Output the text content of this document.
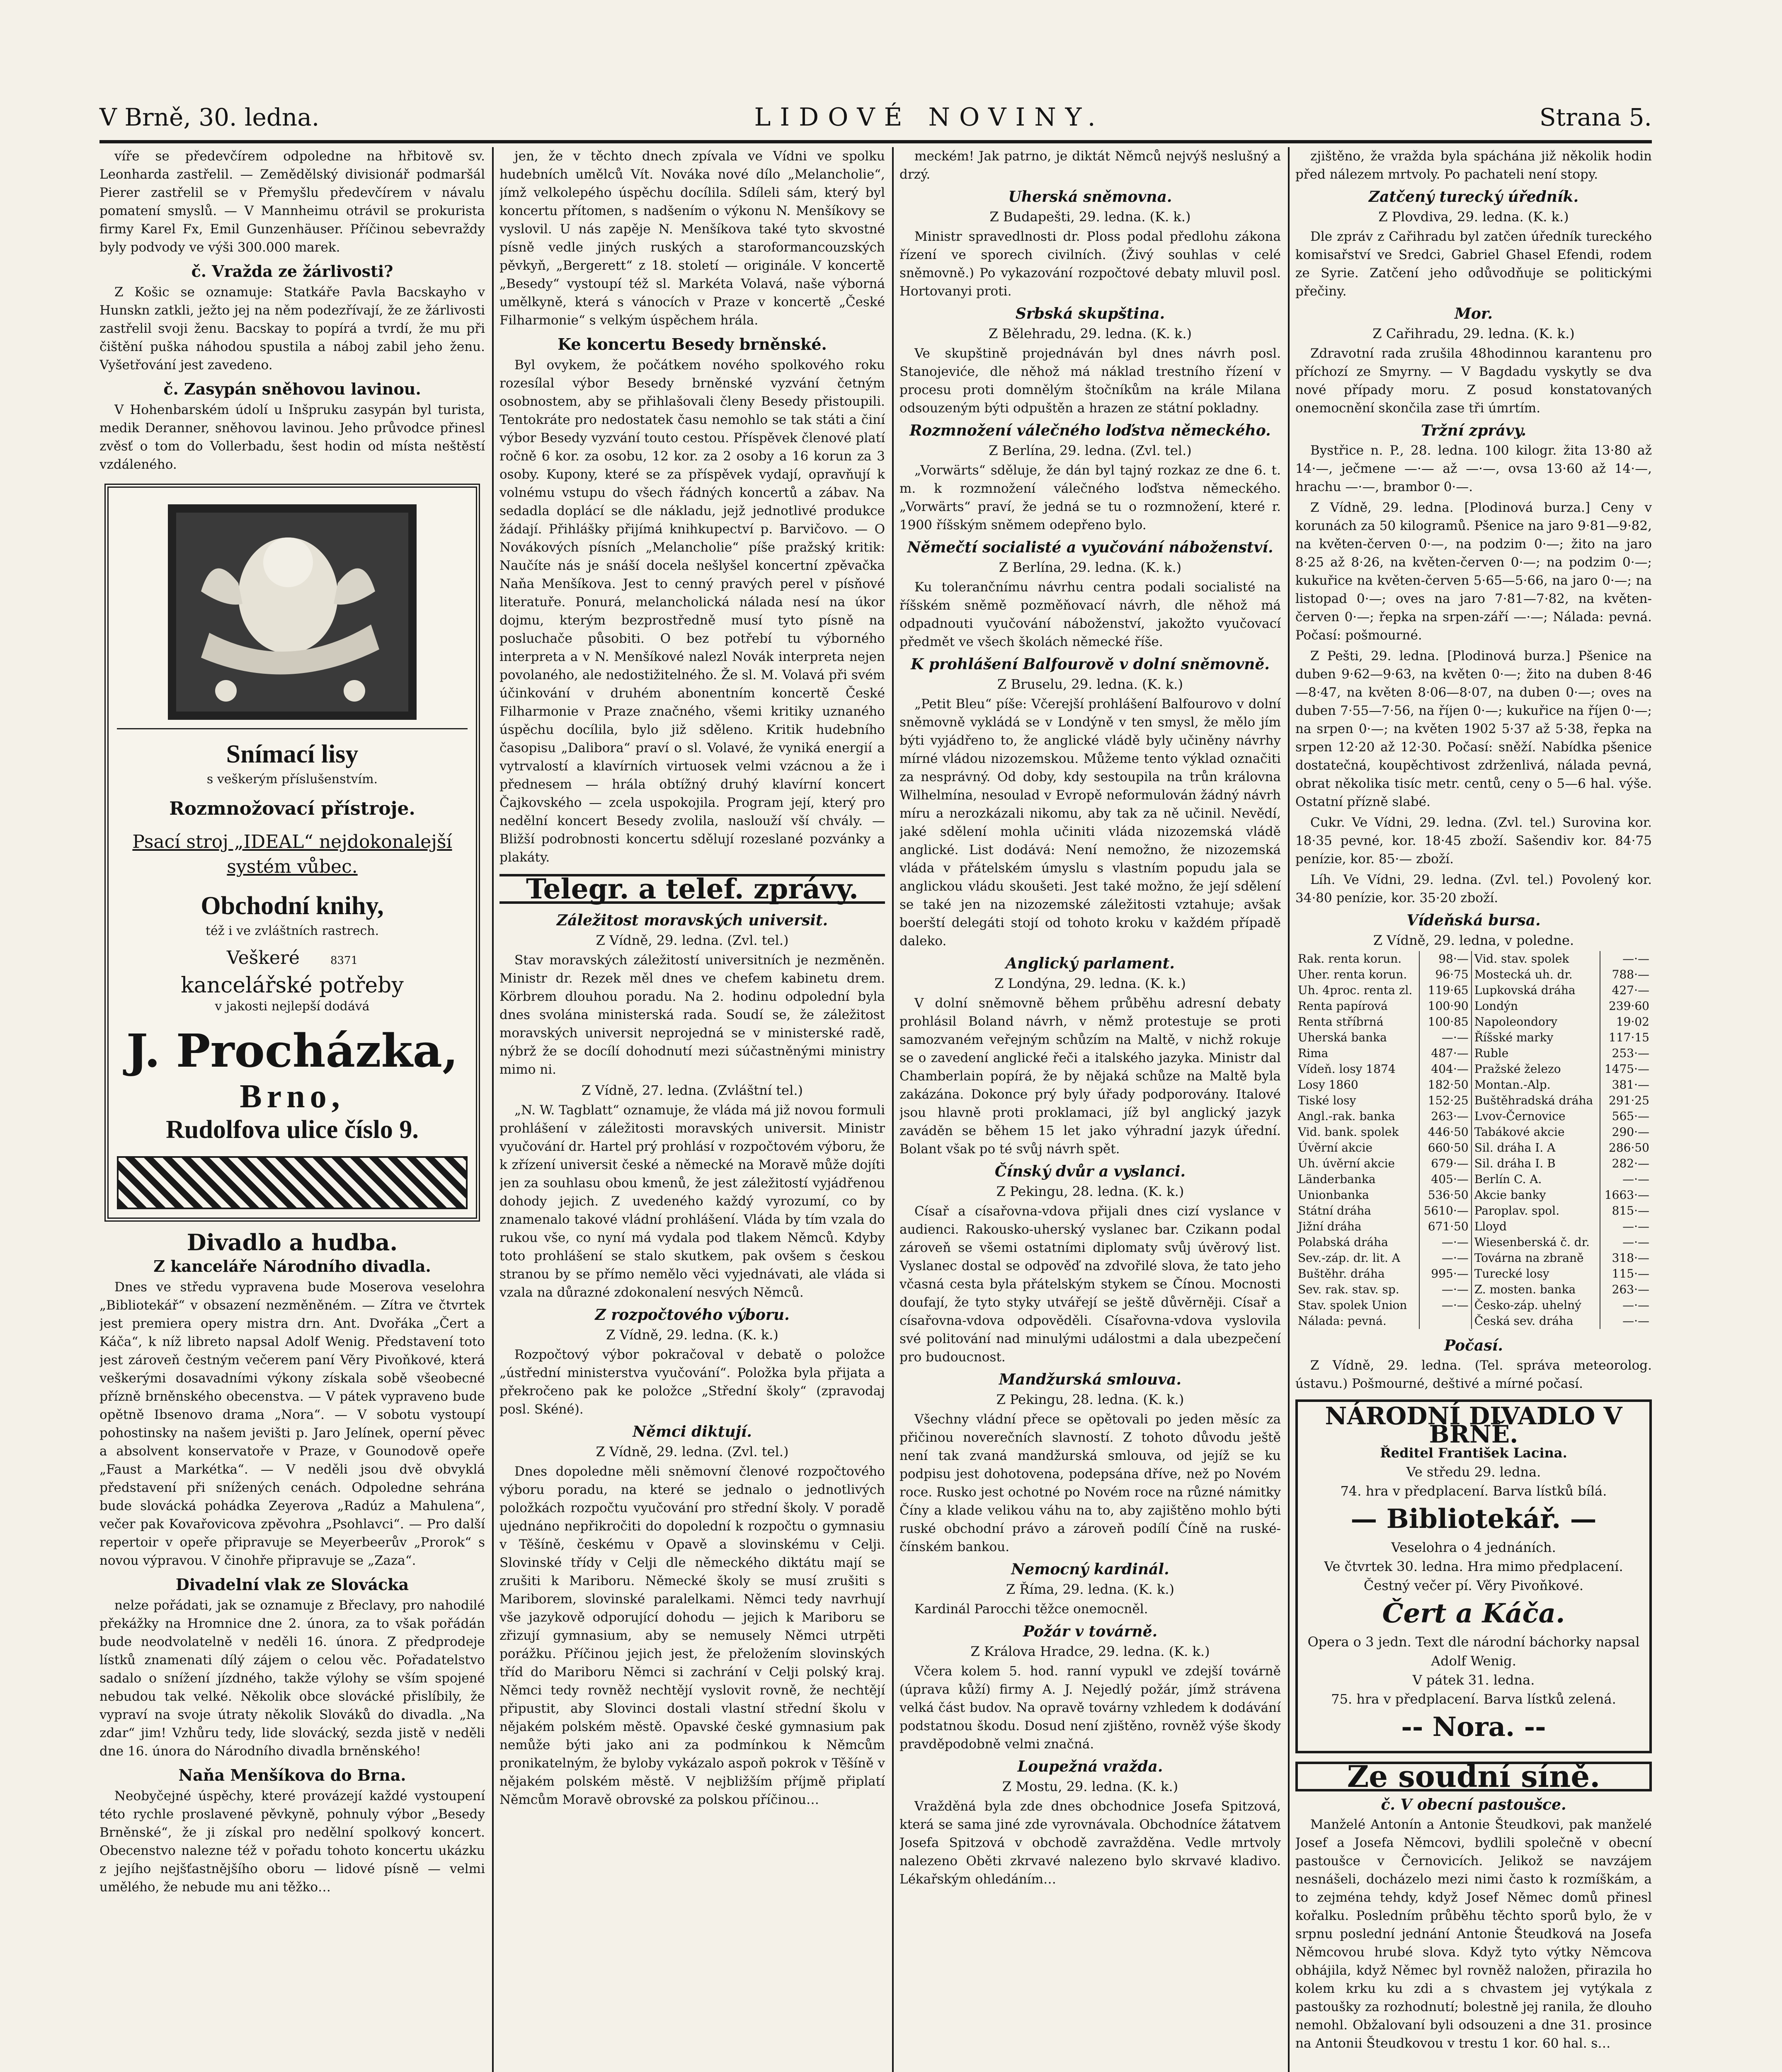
V Brně, 30. ledna.	LIDOVÉ NOVINY.	Strana 5.

víře se předevčírem odpoledne na hřbitově sv. Leonharda zastřelil. — Zemědělský divisionář podmaršál Pierer zastřelil se v Přemyšlu předevčírem v návalu pomatení smyslů. — V Mannheimu otrávil se prokurista firmy Karel Fx, Emil Gunzenhäuser. Příčinou sebevraždy byly podvody ve výši 300.000 marek.

č. Vražda ze žárlivosti?

Z Košic se oznamuje: Statkáře Pavla Bacskayho v Hunskn zatkli, ježto jej na něm podezřívají, že ze žárlivosti zastřelil svoji ženu. Bacskay to popírá a tvrdí, že mu při čištění puška náhodou spustila a náboj zabil jeho ženu. Vyšetřování jest zavedeno.

č. Zasypán sněhovou lavinou.

V Hohenbarském údolí u Inšpruku zasypán byl turista, medik Deranner, sněhovou lavinou. Jeho průvodce přinesl zvěsť o tom do Vollerbadu, šest hodin od místa neštěstí vzdáleného.

Snímací lisy
s veškerým příslušenstvím.
Rozmnožovací přístroje.
Psací stroj „IDEAL“ nejdokonalejší systém vůbec.
Obchodní knihy,
též i ve zvláštních rastrech.
Veškeré	8371
kancelářské potřeby
v jakosti nejlepší dodává
J. Procházka,
Brno,
Rudolfova ulice číslo 9.
Divadlo a hudba.
Z kanceláře Národního divadla.

Dnes ve středu vypravena bude Moserova veselohra „Bibliotekář“ v obsazení nezměněném. — Zítra ve čtvrtek jest premiera opery mistra drn. Ant. Dvořáka „Čert a Káča“, k níž libreto napsal Adolf Wenig. Představení toto jest zároveň čestným večerem paní Věry Pivoňkové, která veškerými dosavadními výkony získala sobě všeobecné přízně brněnského obecenstva. — V pátek vypraveno bude opětně Ibsenovo drama „Nora“. — V sobotu vystoupí pohostinsky na našem jevišti p. Jaro Jelínek, operní pěvec a absolvent konservatoře v Praze, v Gounodově opeře „Faust a Markétka“. — V neděli jsou dvě obvyklá představení při snížených cenách. Odpoledne sehrána bude slovácká pohádka Zeyerova „Radúz a Mahulena“, večer pak Kovařovicova zpěvohra „Psohlavci“. — Pro další repertoir v opeře připravuje se Meyerbeerův „Prorok“ s novou výpravou. V činohře připravuje se „Zaza“.

Divadelní vlak ze Slovácka

nelze pořádati, jak se oznamuje z Břeclavy, pro nahodilé překážky na Hromnice dne 2. února, za to však pořádán bude neodvolatelně v neděli 16. února. Z předprodeje lístků znamenati dílý zájem o celou věc. Pořadatelstvo sadalo o snížení jízdného, takže výlohy se vším spojené nebudou tak velké. Několik obce slovácké přislíbily, že vypraví na svoje útraty několik Slováků do divadla. „Na zdar“ jim! Vzhůru tedy, lide slovácký, sezda jistě v neděli dne 16. února do Národního divadla brněnského!

Naňa Menšíkova do Brna.

Neobyčejné úspěchy, které provázejí každé vystoupení této rychle proslavené pěvkyně, pohnuly výbor „Besedy Brněnské“, že ji získal pro nedělní spolkový koncert. Obecenstvo nalezne též v pořadu tohoto koncertu ukázku z jejího nejšťastnějšího oboru — lidové písně — velmi umělého, že nebude mu ani těžko…

jen, že v těchto dnech zpívala ve Vídni ve spolku hudebních umělců Vít. Nováka nové dílo „Melancholie“, jímž velkolepého úspěchu docílila. Sdíleli sám, který byl koncertu přítomen, s nadšením o výkonu N. Menšíkovy se vyslovil. U nás zapěje N. Menšíkova také tyto skvostné písně vedle jiných ruských a staroformancouzských pěvkyň, „Bergerett“ z 18. století — originále. V koncertě „Besedy“ vystoupí též sl. Markéta Volavá, naše výborná umělkyně, která s vánocích v Praze v koncertě „České Filharmonie“ s velkým úspěchem hrála.

Ke koncertu Besedy brněnské.

Byl ovykem, že počátkem nového spolkového roku rozesílal výbor Besedy brněnské vyzvání četným osobnostem, aby se přihlašovali členy Besedy přistoupili. Tentokráte pro nedostatek času nemohlo se tak státi a činí výbor Besedy vyzvání touto cestou. Příspěvek členové platí ročně 6 kor. za osobu, 12 kor. za 2 osoby a 16 korun za 3 osoby. Kupony, které se za příspěvek vydají, opravňují k volnému vstupu do všech řádných koncertů a zábav. Na sedadla doplácí se dle nákladu, jejž jednotlivé produkce žádají. Přihlášky přijímá knihkupectví p. Barvičovo. — O Novákových písních „Melancholie“ píše pražský kritik: Naučíte nás je snáší docela nešlyšel koncertní zpěvačka Naňa Menšíkova. Jest to cenný pravých perel v písňové literatuře. Ponurá, melancholická nálada nesí na úkor dojmu, kterým bezprostředně musí tyto písně na posluchače působiti. O bez potřebí tu výborného interpreta a v N. Menšíkové nalezl Novák interpreta nejen povolaného, ale nedostižitelného. Že sl. M. Volavá při svém účinkování v druhém abonentním koncertě České Filharmonie v Praze značného, všemi kritiky uznaného úspěchu docílila, bylo již sděleno. Kritik hudebního časopisu „Dalibora“ praví o sl. Volavé, že vyniká energií a vytrvalostí a klavírních virtuosek velmi vzácnou a že i přednesem — hrála obtížný druhý klavírní koncert Čajkovského — zcela uspokojila. Program její, který pro nedělní koncert Besedy zvolila, naslouží vší chvály. — Bližší podrobnosti koncertu sdělují rozeslané pozvánky a plakáty.

Telegr. a telef. zprávy.
Záležitost moravských universit.
Z Vídně, 29. ledna. (Zvl. tel.)

Stav moravských záležitostí universitních je nezměněn. Ministr dr. Rezek měl dnes ve chefem kabinetu drem. Körbrem dlouhou poradu. Na 2. hodinu odpolední byla dnes svolána ministerská rada. Soudí se, že záležitost moravských universit neprojedná se v ministerské radě, nýbrž že se docílí dohodnutí mezi súčastněnými ministry mimo ni.

Z Vídně, 27. ledna. (Zvláštní tel.)

„N. W. Tagblatt“ oznamuje, že vláda má již novou formuli prohlášení v záležitosti moravských universit. Ministr vyučování dr. Hartel prý prohlásí v rozpočtovém výboru, že k zřízení universit české a německé na Moravě může dojíti jen za souhlasu obou kmenů, že jest záležitostí vyjádřenou dohody jejich. Z uvedeného každý vyrozumí, co by znamenalo takové vládní prohlášení. Vláda by tím vzala do rukou vše, co nyní má vydala pod tlakem Němců. Kdyby toto prohlášení se stalo skutkem, pak ovšem s českou stranou by se přímo nemělo věci vyjednávati, ale vláda si vzala na důrazné zdokonalení nesvých Němců.

Z rozpočtového výboru.
Z Vídně, 29. ledna. (K. k.)

Rozpočtový výbor pokračoval v debatě o položce „ústřední ministerstva vyučování“. Položka byla přijata a překročeno pak ke položce „Střední školy“ (zpravodaj posl. Skéné).

Němci diktují.
Z Vídně, 29. ledna. (Zvl. tel.)

Dnes dopoledne měli sněmovní členové rozpočtového výboru poradu, na které se jednalo o jednotlivých položkách rozpočtu vyučování pro střední školy. V poradě ujednáno nepřikročiti do dopolední k rozpočtu o gymnasiu v Těšíně, českému v Opavě a slovinskému v Celji. Slovinské třídy v Celji dle německého diktátu mají se zrušiti k Mariboru. Německé školy se musí zrušiti s Mariborem, slovinské paralelkami. Němci tedy navrhují vše jazykově odporující dohodu — jejich k Mariboru se zřizují gymnasium, aby se nemusely Němci utrpěti porážku. Příčinou jejich jest, že přeložením slovinských tříd do Mariboru Němci si zachrání v Celji polský kraj. Němci tedy rovněž nechtějí vyslovit rovně, že nechtějí připustit, aby Slovinci dostali vlastní střední školu v nějakém polském městě. Opavské české gymnasium pak nemůže býti jako ani za podmínkou k Němcům pronikatelným, že byloby vykázalo aspoň pokrok v Těšíně v nějakém polském městě. V nejbližším příjmě připlatí Němcům Moravě obrovské za polskou příčinou…

meckém! Jak patrno, je diktát Němců nejvýš neslušný a drzý.

Uherská sněmovna.
Z Budapešti, 29. ledna. (K. k.)

Ministr spravedlnosti dr. Ploss podal předlohu zákona řízení ve sporech civilních. (Živý souhlas v celé sněmovně.) Po vykazování rozpočtové debaty mluvil posl. Hortovanyi proti.

Srbská skupština.
Z Bělehradu, 29. ledna. (K. k.)

Ve skupštině projednáván byl dnes návrh posl. Stanojeviće, dle něhož má náklad trestního řízení v procesu proti domnělým štočníkům na krále Milana odsouzeným býti odpuštěn a hrazen ze státní pokladny.

Rozmnožení válečného loďstva německého.
Z Berlína, 29. ledna. (Zvl. tel.)

„Vorwärts“ sděluje, že dán byl tajný rozkaz ze dne 6. t. m. k rozmnožení válečného loďstva německého. „Vorwärts“ praví, že jedná se tu o rozmnožení, které r. 1900 říšským sněmem odepřeno bylo.

Němečtí socialisté a vyučování náboženství.
Z Berlína, 29. ledna. (K. k.)

Ku tolerančnímu návrhu centra podali socialisté na říšském sněmě pozměňovací návrh, dle něhož má odpadnouti vyučování náboženství, jakožto vyučovací předmět ve všech školách německé říše.

K prohlášení Balfourově v dolní sněmovně.
Z Bruselu, 29. ledna. (K. k.)

„Petit Bleu“ píše: Včerejší prohlášení Balfourovo v dolní sněmovně vykládá se v Londýně v ten smysl, že mělo jím býti vyjádřeno to, že anglické vládě byly učiněny návrhy mírné vládou nizozemskou. Můžeme tento výklad označiti za nesprávný. Od doby, kdy sestoupila na trůn královna Wilhelmína, nesoulad v Evropě neformulován žádný návrh míru a nerozkázali nikomu, aby tak za ně učinil. Nevědí, jaké sdělení mohla učiniti vláda nizozemská vládě anglické. List dodává: Není nemožno, že nizozemská vláda v přátelském úmyslu s vlastním popudu jala se anglickou vládu skoušeti. Jest také možno, že její sdělení se také jen na nizozemské záležitosti vztahuje; avšak boerští delegáti stojí od tohoto kroku v každém případě daleko.

Anglický parlament.
Z Londýna, 29. ledna. (K. k.)

V dolní sněmovně během průběhu adresní debaty prohlásil Boland návrh, v němž protestuje se proti samozvaném veřejným schůzím na Maltě, v nichž rokuje se o zavedení anglické řeči a italského jazyka. Ministr dal Chamberlain popírá, že by nějaká schůze na Maltě byla zakázána. Dokonce prý byly úřady podporovány. Italové jsou hlavně proti proklamaci, jíž byl anglický jazyk zaváděn se během 15 let jako výhradní jazyk úřední. Bolant však po té svůj návrh spět.

Čínský dvůr a vyslanci.
Z Pekingu, 28. ledna. (K. k.)

Císař a císařovna-vdova přijali dnes cizí vyslance v audienci. Rakousko-uherský vyslanec bar. Czikann podal zároveň se všemi ostatními diplomaty svůj úvěrový list. Vyslanec dostal se odpověď na zdvořilé slova, že tato jeho včasná cesta byla přátelským stykem se Čínou. Mocnosti doufají, že tyto styky utvářejí se ještě důvěrněji. Císař a císařovna-vdova odpověděli. Císařovna-vdova vyslovila své politování nad minulými událostmi a dala ubezpečení pro budoucnost.

Mandžurská smlouva.
Z Pekingu, 28. ledna. (K. k.)

Všechny vládní přece se opětovali po jeden měsíc za přičinou noverečních slavností. Z tohoto důvodu ještě není tak zvaná mandžurská smlouva, od jejíž se ku podpisu jest dohotovena, podepsána dříve, než po Novém roce. Rusko jest ochotné po Novém roce na různé námitky Číny a klade velikou váhu na to, aby zajištěno mohlo býti ruské obchodní právo a zároveň podílí Číně na ruské-čínském bankou.

Nemocný kardinál.
Z Říma, 29. ledna. (K. k.)

Kardinál Parocchi těžce onemocněl.

Požár v továrně.
Z Králova Hradce, 29. ledna. (K. k.)

Včera kolem 5. hod. ranní vypukl ve zdejší továrně (úprava kůží) firmy A. J. Nejedlý požár, jímž strávena velká část budov. Na opravě továrny vzhledem k dodávání podstatnou škodu. Dosud není zjištěno, rovněž výše škody pravděpodobně velmi značná.

Loupežná vražda.
Z Mostu, 29. ledna. (K. k.)

Vražděná byla zde dnes obchodnice Josefa Spitzová, která se sama jiné zde vyrovnávala. Obchodníce žátatvem Josefa Spitzová v obchodě zavražděna. Vedle mrtvoly nalezeno Oběti zkrvavé nalezeno bylo skrvavé kladivo. Lékařským ohledáním…

zjištěno, že vražda byla spáchána již několik hodin před nálezem mrtvoly. Po pachateli není stopy.

Zatčený turecký úředník.
Z Plovdiva, 29. ledna. (K. k.)

Dle zpráv z Cařihradu byl zatčen úředník tureckého komisařství ve Sredci, Gabriel Ghasel Efendi, rodem ze Syrie. Zatčení jeho odůvodňuje se politickými přečiny.

Mor.
Z Cařihradu, 29. ledna. (K. k.)

Zdravotní rada zrušila 48hodinnou karantenu pro příchozí ze Smyrny. — V Bagdadu vyskytly se dva nové případy moru. Z posud konstatovaných onemocnění skončila zase tři úmrtím.

Tržní zprávy.

Bystřice n. P., 28. ledna. 100 kilogr. žita 13·80 až 14·—, ječmene —·— až —·—, ovsa 13·60 až 14·—, hrachu —·—, brambor 0·—.

Z Vídně, 29. ledna. [Plodinová burza.] Ceny v korunách za 50 kilogramů. Pšenice na jaro 9·81—9·82, na květen-červen 0·—, na podzim 0·—; žito na jaro 8·25 až 8·26, na květen-červen 0·—; na podzim 0·—; kukuřice na květen-červen 5·65—5·66, na jaro 0·—; na listopad 0·—; oves na jaro 7·81—7·82, na květen-červen 0·—; řepka na srpen-září —·—; Nálada: pevná. Počasí: pošmourné.

Z Pešti, 29. ledna. [Plodinová burza.] Pšenice na duben 9·62—9·63, na květen 0·—; žito na duben 8·46—8·47, na květen 8·06—8·07, na duben 0·—; oves na duben 7·55—7·56, na říjen 0·—; kukuřice na říjen 0·—; na srpen 0·—; na květen 1902 5·37 až 5·38, řepka na srpen 12·20 až 12·30. Počasí: sněží. Nabídka pšenice dostatečná, koupěchtivost zdrženlivá, nálada pevná, obrat několika tisíc metr. centů, ceny o 5—6 hal. výše. Ostatní přízně slabé.

Cukr. Ve Vídni, 29. ledna. (Zvl. tel.) Surovina kor. 18·35 pevné, kor. 18·45 zboží. Sašendiv kor. 84·75 penízie, kor. 85·— zboží.

Líh. Ve Vídni, 29. ledna. (Zvl. tel.) Povolený kor. 34·80 penízie, kor. 35·20 zboží.

Vídeňská bursa.
Z Vídně, 29. ledna, v poledne.
Rak. renta korun.	98·—	Vid. stav. spolek	—·—
Uher. renta korun.	96·75	Mostecká uh. dr.	788·—
Uh. 4proc. renta zl.	119·65	Lupkovská dráha	427·—
Renta papírová	100·90	Londýn	239·60
Renta stříbrná	100·85	Napoleondory	19·02
Uherská banka	—·—	Říšské marky	117·15
Rima	487·—	Ruble	253·—
Vídeň. losy 1874	404·—	Pražské železo	1475·—
Losy 1860	182·50	Montan.-Alp.	381·—
Tiské losy	152·25	Buštěhradská dráha	291·25
Angl.-rak. banka	263·—	Lvov-Černovice	565·—
Vid. bank. spolek	446·50	Tabákové akcie	290·—
Úvěrní akcie	660·50	Sil. dráha I. A	286·50
Uh. úvěrní akcie	679·—	Sil. dráha I. B	282·—
Länderbanka	405·—	Berlín C. A.	—·—
Unionbanka	536·50	Akcie banky	1663·—
Státní dráha	5610·—	Paroplav. spol.	815·—
Jižní dráha	671·50	Lloyd	—·—
Polabská dráha	—·—	Wiesenberská č. dr.	—·—
Sev.-záp. dr. lit. A	—·—	Továrna na zbraně	318·—
Buštěhr. dráha	995·—	Turecké losy	115·—
Sev. rak. stav. sp.	—·—	Z. mosten. banka	263·—
Stav. spolek Union	—·—	Česko-záp. uhelný	—·—
Nálada: pevná.		Česká sev. dráha	—·—
Počasí.

Z Vídně, 29. ledna. (Tel. správa meteorolog. ústavu.) Pošmourné, deštivé a mírné počasí.

NÁRODNÍ DIVADLO V BRNĚ.
Ředitel František Lacina.
Ve středu 29. ledna.
74. hra v předplacení. Barva lístků bílá.
— Bibliotekář. —
Veselohra o 4 jednáních.
Ve čtvrtek 30. ledna. Hra mimo předplacení.
Čestný večer pí. Věry Pivoňkové.
Čert a Káča.
Opera o 3 jedn. Text dle národní báchorky napsal Adolf Wenig.
V pátek 31. ledna.
75. hra v předplacení. Barva lístků zelená.
-- Nora. --
Ze soudní síně.
č. V obecní pastoušce.

Manželé Antonín a Antonie Šteudkovi, pak manželé Josef a Josefa Němcovi, bydlili společně v obecní pastoušce v Černovicích. Jelikož se navzájem nesnášeli, docházelo mezi nimi často k rozmíškám, a to zejména tehdy, když Josef Němec domů přinesl kořalku. Posledním průběhu těchto sporů bylo, že v srpnu poslední jednání Antonie Šteudková na Josefa Němcovou hrubé slova. Když tyto výtky Němcova obhájila, když Němec byl rovněž naložen, přirazila ho kolem krku ku zdi a s chvastem jej vytýkala z pastoušky za rozhodnutí; bolestně jej ranila, že dlouho nemohl. Obžalovaní byli odsouzeni a dne 31. prosince na Antonii Šteudkovou v trestu 1 kor. 60 hal. s…
